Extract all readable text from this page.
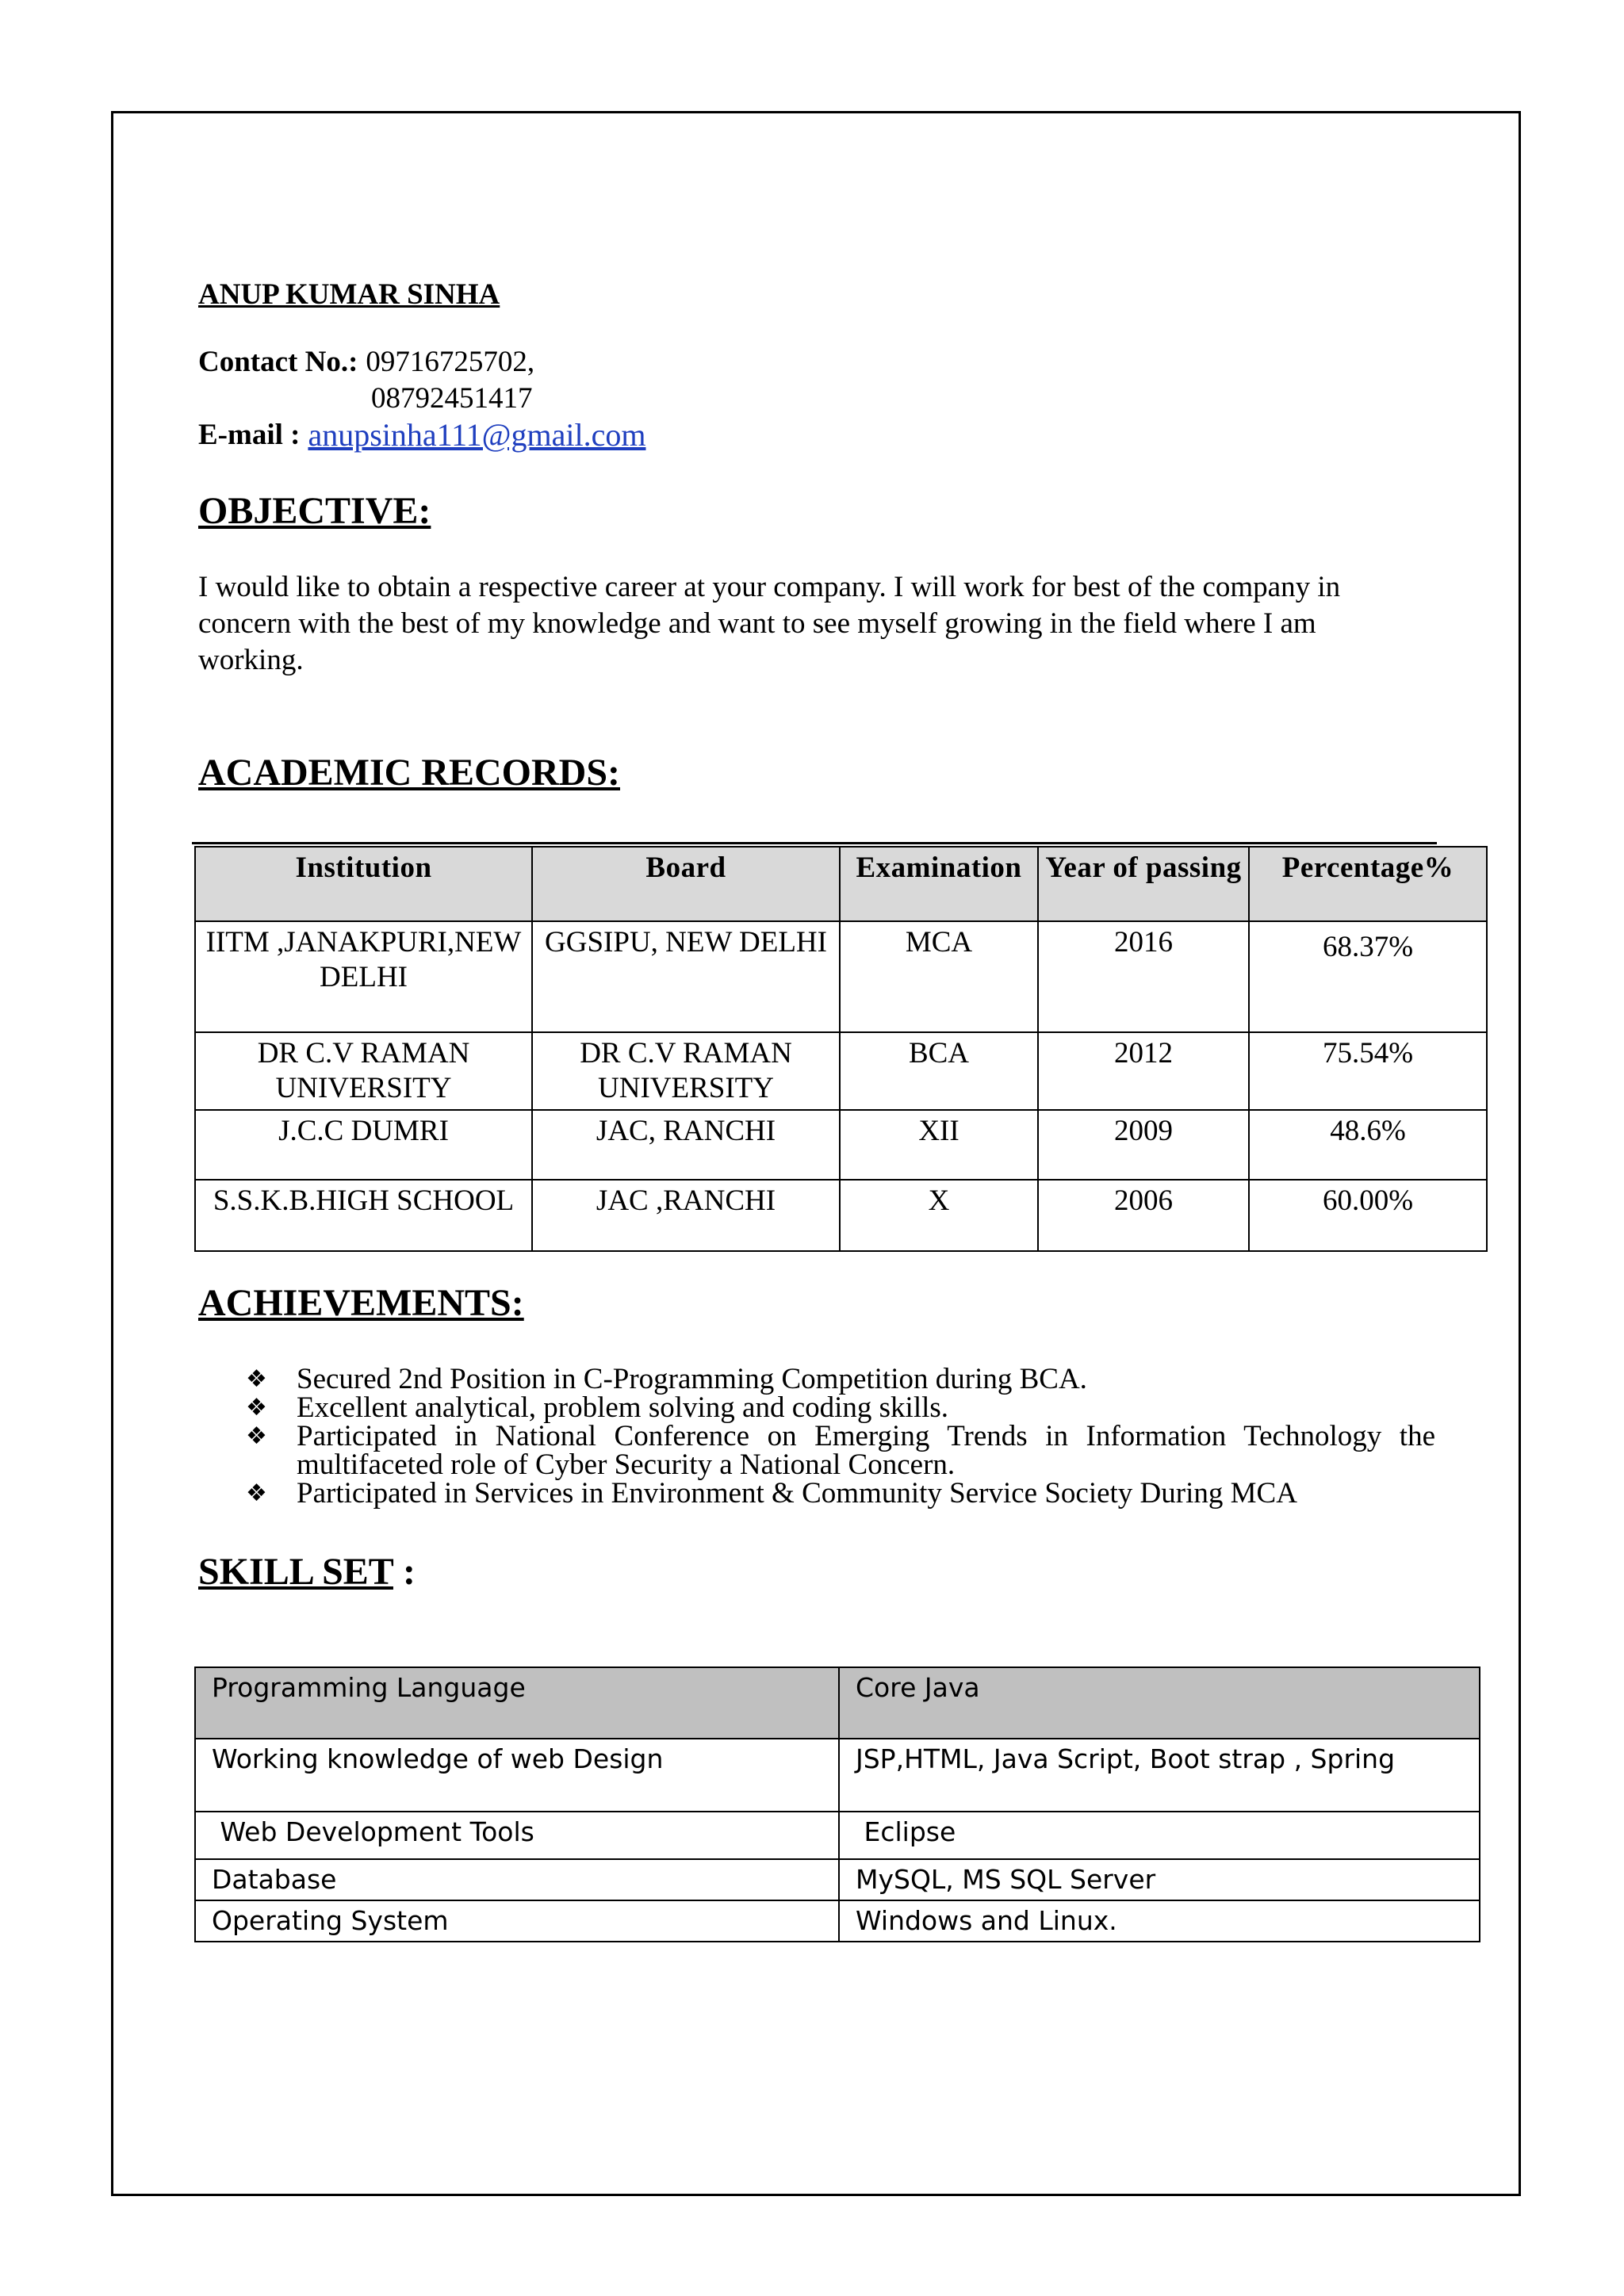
ANUP KUMAR SINHA
Contact No.: 09716725702,
08792451417
E-mail : anupsinha111@gmail.com
OBJECTIVE:
I would like to obtain a respective career at your company. I will work for best of the company in concern with the best of my knowledge and want to see myself growing in the field where I am working.
ACADEMIC RECORDS:
Institution	Board	Examination	Year of passing	Percentage%
IITM ,JANAKPURI,NEW DELHI	GGSIPU, NEW DELHI	MCA	2016	68.37%
DR C.V RAMAN UNIVERSITY	DR C.V RAMAN UNIVERSITY	BCA	2012	75.54%
J.C.C DUMRI	JAC, RANCHI	XII	2009	48.6%
S.S.K.B.HIGH SCHOOL	JAC ,RANCHI	X	2006	60.00%
ACHIEVEMENTS:
❖ Secured 2nd Position in C-Programming Competition during BCA.
❖ Excellent analytical, problem solving and coding skills.
❖ Participated in National Conference on Emerging Trends in Information Technology the multifaceted role of Cyber Security a National Concern.
❖ Participated in Services in Environment & Community Service Society During MCA
SKILL SET :
Programming Language	Core Java
Working knowledge of web Design	JSP,HTML, Java Script, Boot strap , Spring
Web Development Tools	Eclipse
Database	MySQL, MS SQL Server
Operating System	Windows and Linux.
